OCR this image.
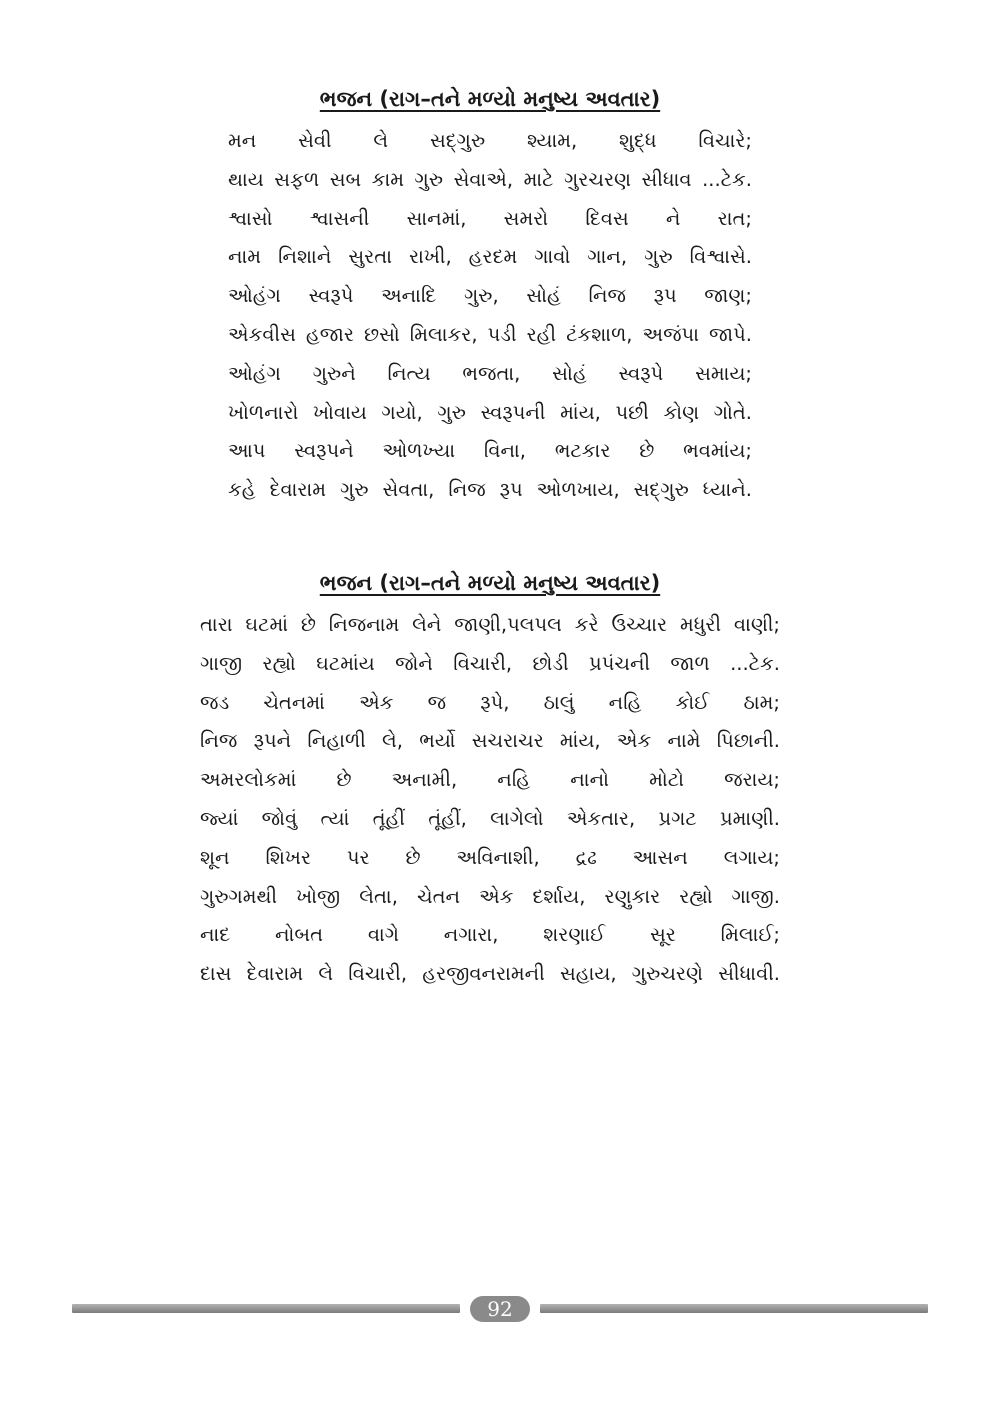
ભજન (રાગ–તને મળ્યો મનુષ્ય અવતાર)
મન સેવી લે સદ્‌ગુરુ શ્યામ, શુદ્ધ વિચારે;
થાય સફળ સબ કામ ગુરુ સેવાએ, માટે ગુરચરણ સીધાવ ...ટેક.
શ્વાસો શ્વાસની સાનમાં, સમરો દિવસ ને રાત;
નામ નિશાને સુરતા રાખી, હરદમ ગાવો ગાન, ગુરુ વિશ્વાસે.
ઓહંગ સ્વરૂપે અનાદિ ગુરુ, સોહં નિજ રૂપ જાણ;
એકવીસ હજાર છસો મિલાકર, પડી રહી ટંકશાળ, અજંપા જાપે.
ઓહંગ ગુરુને નિત્ય ભજતા, સોહં સ્વરૂપે સમાય;
ખોળનારો ખોવાય ગયો, ગુરુ સ્વરૂપની માંય, પછી કોણ ગોતે.
આપ સ્વરૂપને ઓળખ્યા વિના, ભટકાર છે ભવમાંય;
કહે દેવારામ ગુરુ સેવતા, નિજ રૂપ ઓળખાય, સદ્‌ગુરુ ધ્યાને.
ભજન (રાગ–તને મળ્યો મનુષ્ય અવતાર)
તારા ઘટમાં છે નિજનામ લેને જાણી,પલપલ કરે ઉચ્ચાર મધુરી વાણી;
ગાજી રહ્યો ઘટમાંય જોને વિચારી, છોડી પ્રપંચની જાળ ...ટેક.
જડ ચેતનમાં એક જ રૂપે, ઠાલું નહિ કોઈ ઠામ;
નિજ રૂપને નિહાળી લે, ભર્યો સચરાચર માંય, એક નામે પિછાની.
અમરલોકમાં છે અનામી, નહિ નાનો મોટો જરાય;
જ્યાં જોવું ત્યાં તૂંહીં તૂંહીં, લાગેલો એકતાર, પ્રગટ પ્રમાણી.
શૂન શિખર પર છે અવિનાશી, દ્રઢ આસન લગાય;
ગુરુગમથી ખોજી લેતા, ચેતન એક દર્શાય, રણુકાર રહ્યો ગાજી.
નાદ નોબત વાગે નગારા, શરણાઈ સૂર મિલાઈ;
દાસ દેવારામ લે વિચારી, હરજીવનરામની સહાય, ગુરુચરણે સીધાવી.
92
